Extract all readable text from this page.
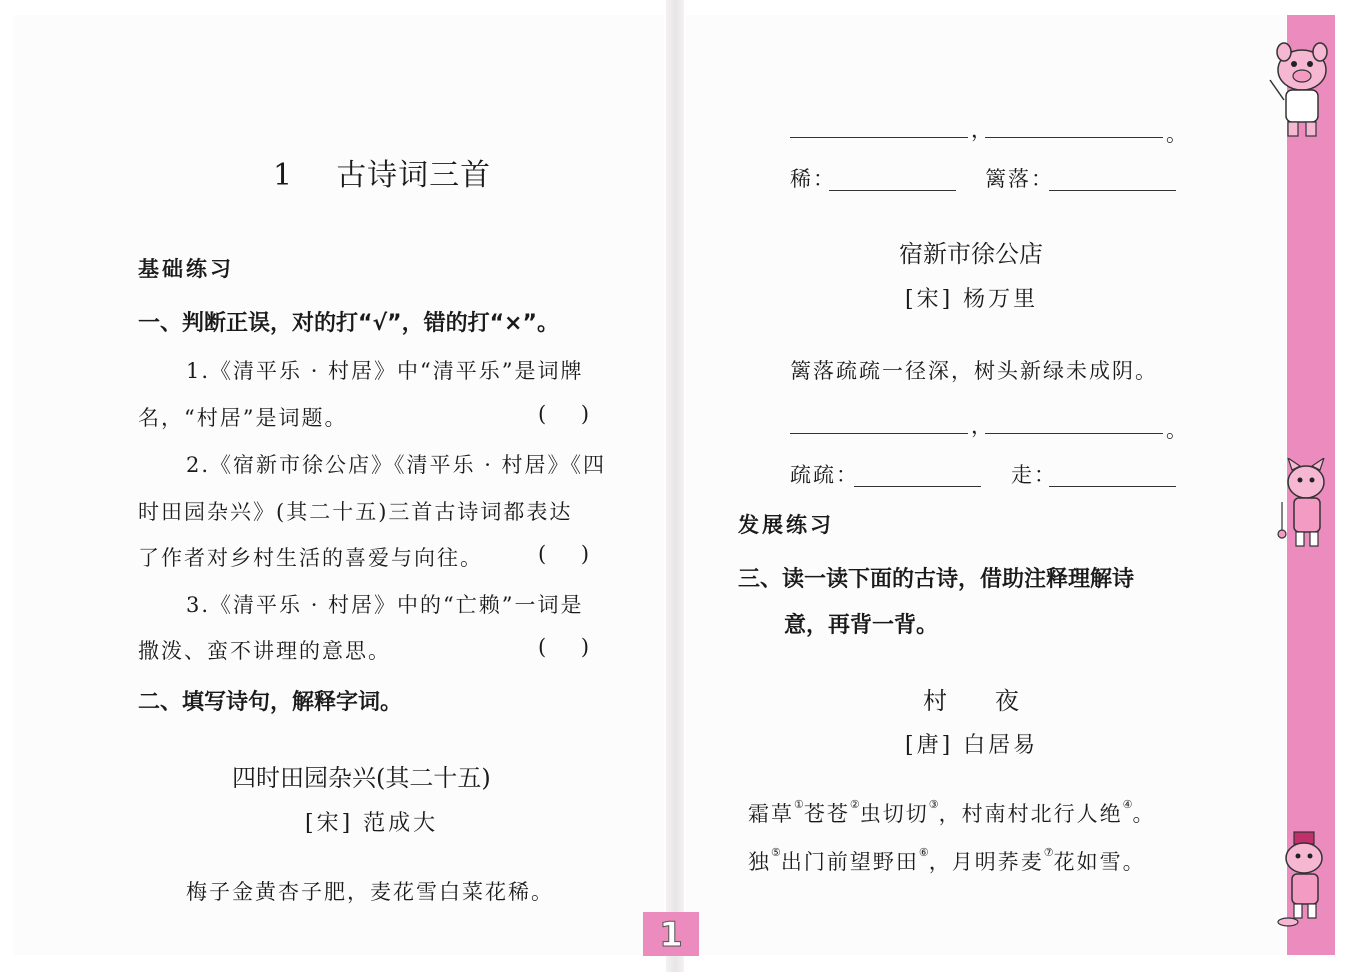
1 古诗词三首
基础练习
一、判断正误，对的打“√”，错的打“×”。
1.《清平乐 · 村居》中“清平乐”是词牌
名，“村居”是词题。	( )
2.《宿新市徐公店》《清平乐 · 村居》《四
时田园杂兴》(其二十五)三首古诗词都表达
了作者对乡村生活的喜爱与向往。	( )
3.《清平乐 · 村居》中的“亡赖”一词是
撒泼、蛮不讲理的意思。	( )
二、填写诗句，解释字词。
四时田园杂兴(其二十五)
[宋] 范成大
梅子金黄杏子肥，麦花雪白菜花稀。
，	。
稀：	篱落：
宿新市徐公店
[宋] 杨万里
篱落疏疏一径深，树头新绿未成阴。
，	。
疏疏：	走：
发展练习
三、读一读下面的古诗，借助注释理解诗
意，再背一背。
村　　夜
[唐] 白居易
霜草①苍苍②虫切切③，村南村北行人绝④。
独⑤出门前望野田⑥，月明荞麦⑦花如雪。
1
